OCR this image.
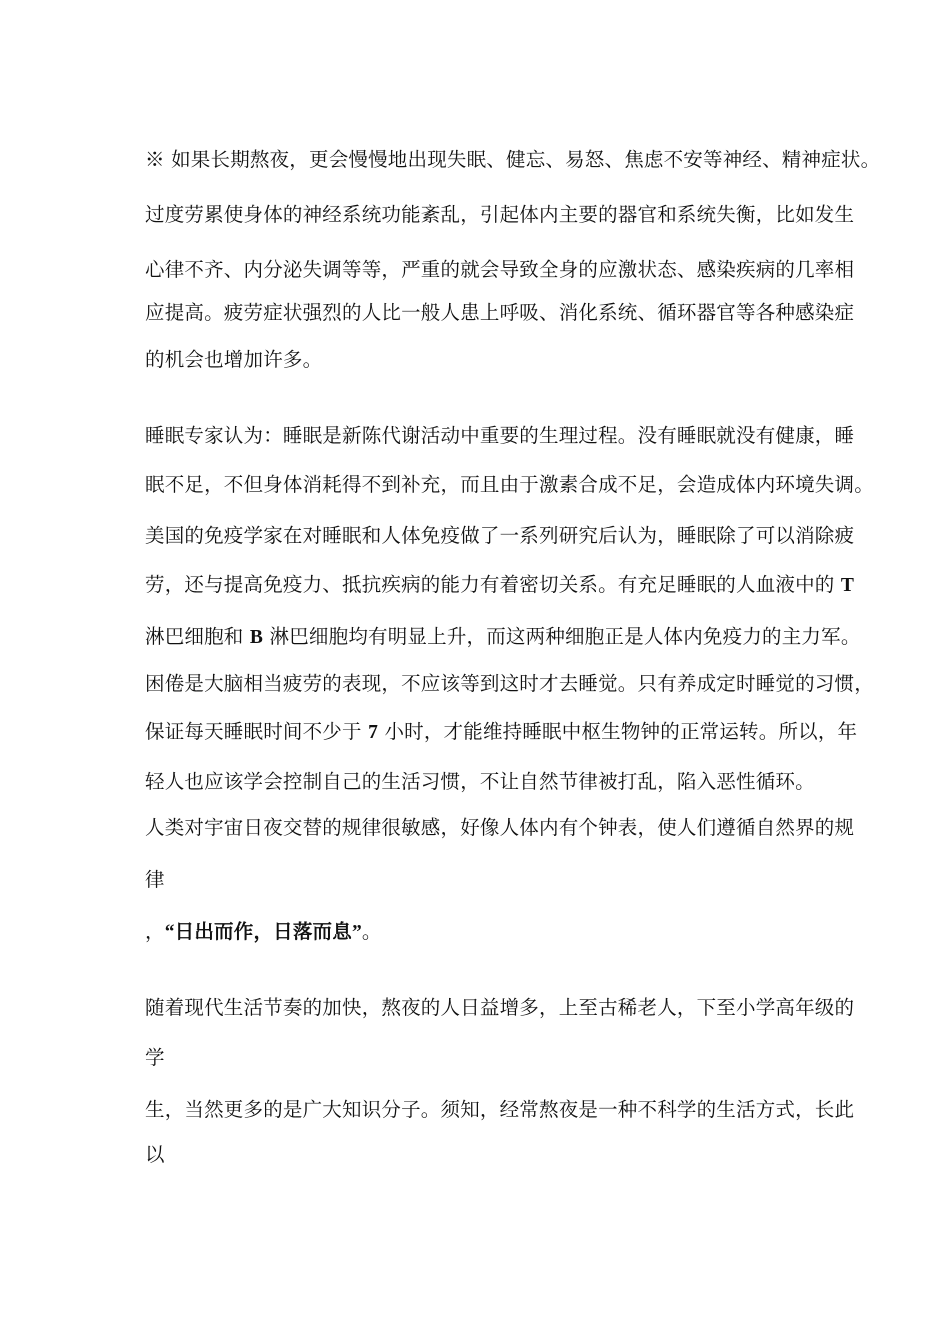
※ 如果长期熬夜，更会慢慢地出现失眠、健忘、易怒、焦虑不安等神经、精神症状。
过度劳累使身体的神经系统功能紊乱，引起体内主要的器官和系统失衡，比如发生
心律不齐、内分泌失调等等，严重的就会导致全身的应激状态、感染疾病的几率相
应提高。疲劳症状强烈的人比一般人患上呼吸、消化系统、循环器官等各种感染症
的机会也增加许多。
睡眠专家认为：睡眠是新陈代谢活动中重要的生理过程。没有睡眠就没有健康，睡
眠不足，不但身体消耗得不到补充，而且由于激素合成不足，会造成体内环境失调。
美国的免疫学家在对睡眠和人体免疫做了一系列研究后认为，睡眠除了可以消除疲
劳，还与提高免疫力、抵抗疾病的能力有着密切关系。有充足睡眠的人血液中的 T
淋巴细胞和 B 淋巴细胞均有明显上升，而这两种细胞正是人体内免疫力的主力军。
困倦是大脑相当疲劳的表现，不应该等到这时才去睡觉。只有养成定时睡觉的习惯，
保证每天睡眠时间不少于 7 小时，才能维持睡眠中枢生物钟的正常运转。所以，年
轻人也应该学会控制自己的生活习惯，不让自然节律被打乱，陷入恶性循环。
人类对宇宙日夜交替的规律很敏感，好像人体内有个钟表，使人们遵循自然界的规
律
，“日出而作，日落而息”。
随着现代生活节奏的加快，熬夜的人日益增多，上至古稀老人，下至小学高年级的
学
生，当然更多的是广大知识分子。须知，经常熬夜是一种不科学的生活方式，长此
以
